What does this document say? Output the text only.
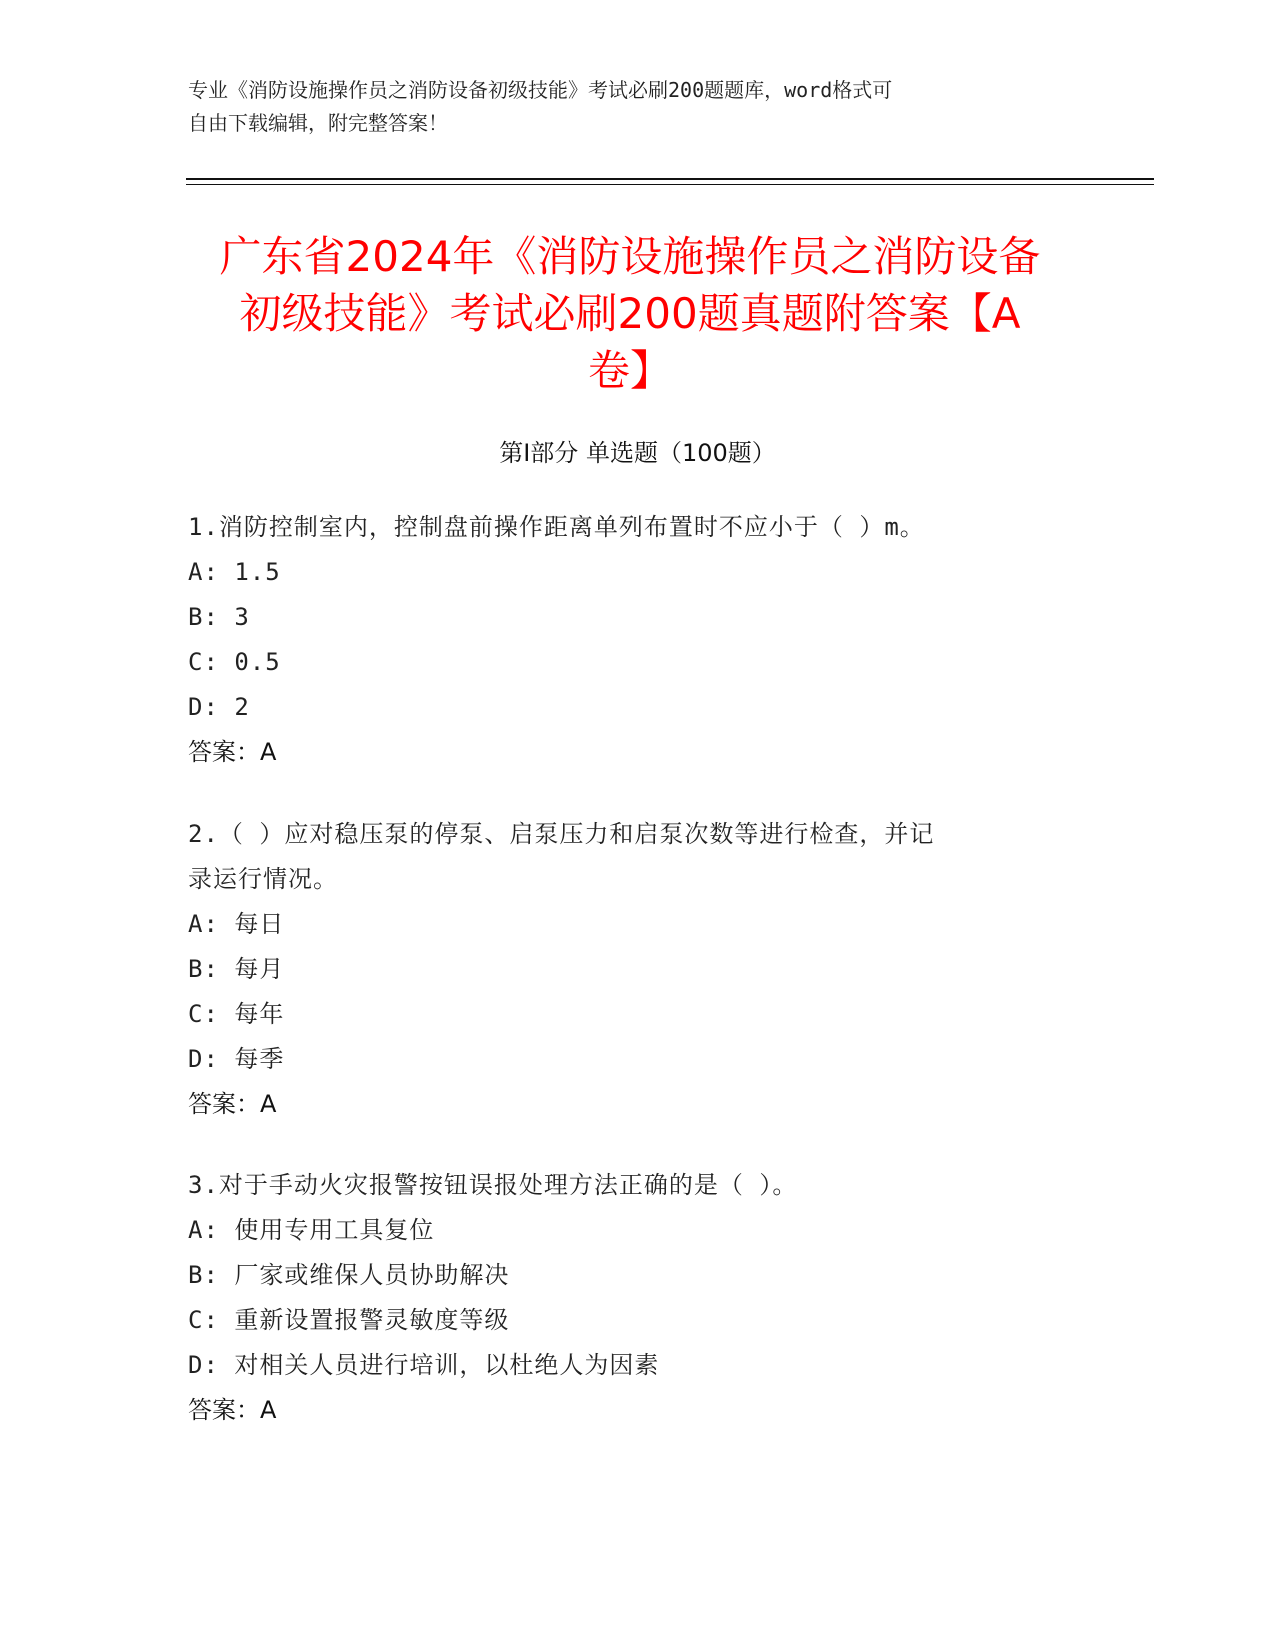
专业《消防设施操作员之消防设备初级技能》考试必刷200题题库，word格式可
自由下载编辑，附完整答案！
广东省2024年《消防设施操作员之消防设备
初级技能》考试必刷200题真题附答案【A
卷】
第Ⅰ部分 单选题（100题）
1.消防控制室内，控制盘前操作距离单列布置时不应小于（ ）m。
A: 1.5
B: 3
C: 0.5
D: 2
答案：A
2.（ ）应对稳压泵的停泵、启泵压力和启泵次数等进行检查，并记
录运行情况。
A: 每日
B: 每月
C: 每年
D: 每季
答案：A
3.对于手动火灾报警按钮误报处理方法正确的是（ ）。
A: 使用专用工具复位
B: 厂家或维保人员协助解决
C: 重新设置报警灵敏度等级
D: 对相关人员进行培训，以杜绝人为因素
答案：A
